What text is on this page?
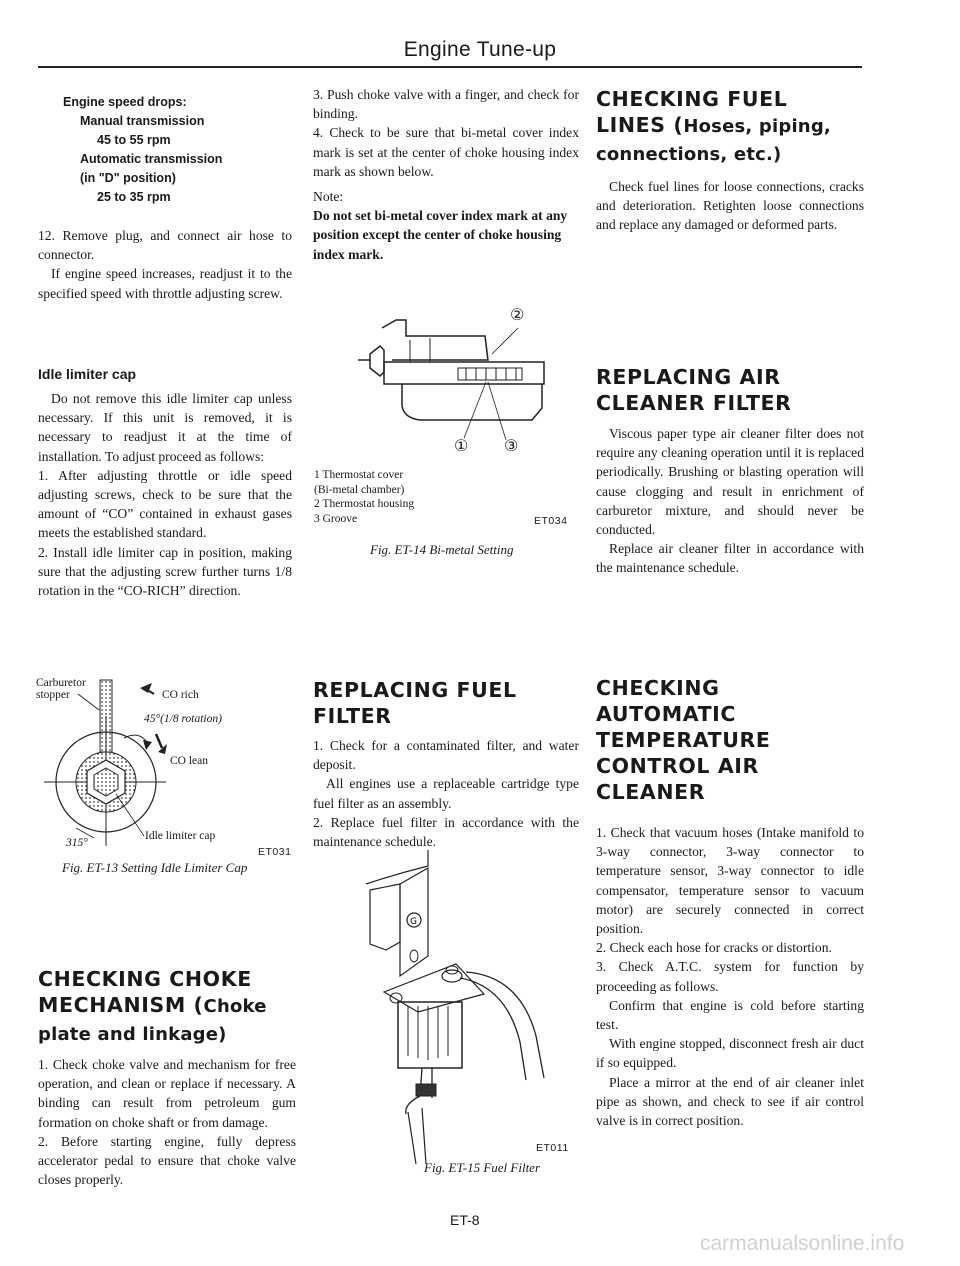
Engine Tune-up
Engine speed drops:
Manual transmission
45 to 55 rpm
Automatic transmission
(in "D" position)
25 to 35 rpm

12. Remove plug, and connect air hose to connector.

If engine speed increases, readjust it to the specified speed with throttle adjusting screw.

Idle limiter cap

Do not remove this idle limiter cap unless necessary. If this unit is removed, it is necessary to readjust it at the time of installation. To adjust proceed as follows:

1. After adjusting throttle or idle speed adjusting screws, check to be sure that the amount of “CO” contained in exhaust gases meets the established standard.

2. Install idle limiter cap in position, making sure that the adjusting screw further turns 1/8 rotation in the “CO-RICH” direction.

Carburetor
stopper	CO rich
45°(1/8 rotation)
CO lean
315°
Idle limiter cap
ET031
Fig. ET-13 Setting Idle Limiter Cap
CHECKING CHOKE
MECHANISM (Choke
plate and linkage)

1. Check choke valve and mechanism for free operation, and clean or replace if necessary. A binding can result from petroleum gum formation on choke shaft or from damage.

2. Before starting engine, fully depress accelerator pedal to ensure that choke valve closes properly.

3. Push choke valve with a finger, and check for binding.

4. Check to be sure that bi-metal cover index mark is set at the center of choke housing index mark as shown below.

Note:

Do not set bi-metal cover index mark at any position except the center of choke housing index mark.

②
① ③
1 Thermostat cover
(Bi-metal chamber)
2 Thermostat housing
3 Groove	ET034
Fig. ET-14 Bi-metal Setting
REPLACING FUEL
FILTER

1. Check for a contaminated filter, and water deposit.

All engines use a replaceable cartridge type fuel filter as an assembly.

2. Replace fuel filter in accordance with the maintenance schedule.

G
ET011
Fig. ET-15 Fuel Filter
ET-8
CHECKING FUEL
LINES (Hoses, piping,
connections, etc.)

Check fuel lines for loose connections, cracks and deterioration. Retighten loose connections and replace any damaged or deformed parts.

REPLACING AIR
CLEANER FILTER

Viscous paper type air cleaner filter does not require any cleaning operation until it is replaced periodically. Brushing or blasting operation will cause clogging and result in enrichment of carburetor mixture, and should never be conducted.

Replace air cleaner filter in accordance with the maintenance schedule.

CHECKING
AUTOMATIC
TEMPERATURE
CONTROL AIR
CLEANER

1. Check that vacuum hoses (Intake manifold to 3-way connector, 3-way connector to temperature sensor, 3-way connector to idle compensator, temperature sensor to vacuum motor) are securely connected in correct position.

2. Check each hose for cracks or distortion.

3. Check A.T.C. system for function by proceeding as follows.

Confirm that engine is cold before starting test.

With engine stopped, disconnect fresh air duct if so equipped.

Place a mirror at the end of air cleaner inlet pipe as shown, and check to see if air control valve is in correct position.

carmanualsonline.info
